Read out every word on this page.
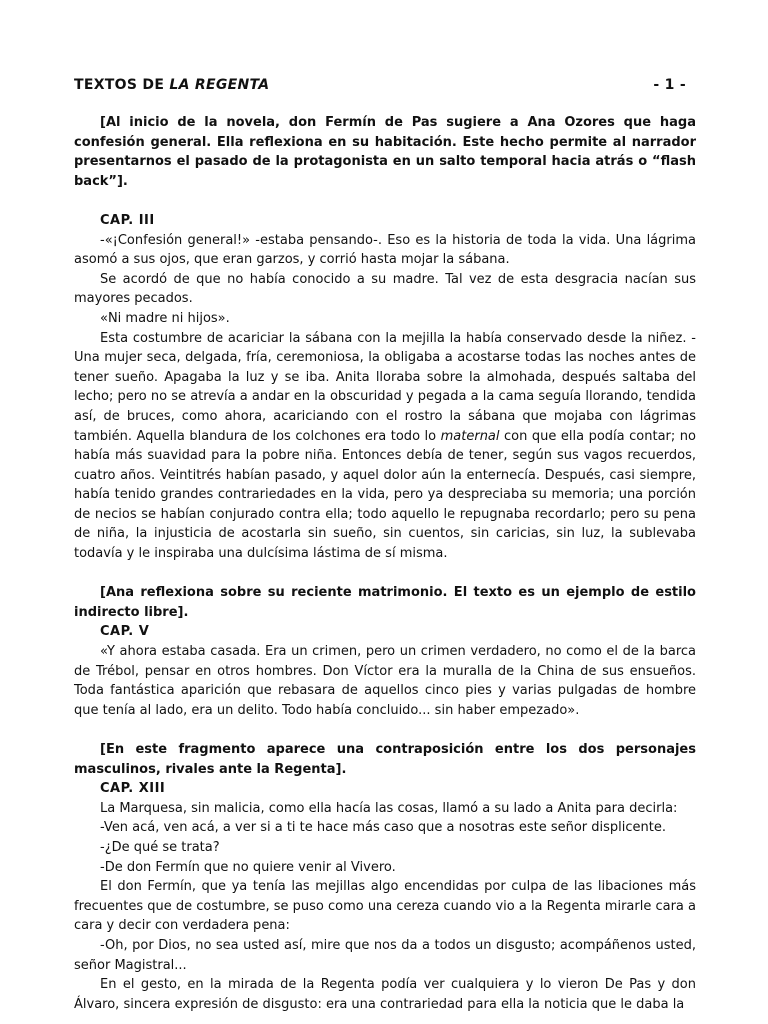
TEXTOS DE LA REGENTA	- 1 -

[Al inicio de la novela, don Fermín de Pas sugiere a Ana Ozores que haga confesión general. Ella reflexiona en su habitación. Este hecho permite al narrador presentarnos el pasado de la protagonista en un salto temporal hacia atrás o “flash back”].

CAP. III

-«¡Confesión general!» -estaba pensando-. Eso es la historia de toda la vida. Una lágrima asomó a sus ojos, que eran garzos, y corrió hasta mojar la sábana.

Se acordó de que no había conocido a su madre. Tal vez de esta desgracia nacían sus mayores pecados.

«Ni madre ni hijos».

Esta costumbre de acariciar la sábana con la mejilla la había conservado desde la niñez. -Una mujer seca, delgada, fría, ceremoniosa, la obligaba a acostarse todas las noches antes de tener sueño. Apagaba la luz y se iba. Anita lloraba sobre la almohada, después saltaba del lecho; pero no se atrevía a andar en la obscuridad y pegada a la cama seguía llorando, tendida así, de bruces, como ahora, acariciando con el rostro la sábana que mojaba con lágrimas también. Aquella blandura de los colchones era todo lo maternal con que ella podía contar; no había más suavidad para la pobre niña. Entonces debía de tener, según sus vagos recuerdos, cuatro años. Veintitrés habían pasado, y aquel dolor aún la enternecía. Después, casi siempre, había tenido grandes contrariedades en la vida, pero ya despreciaba su memoria; una porción de necios se habían conjurado contra ella; todo aquello le repugnaba recordarlo; pero su pena de niña, la injusticia de acostarla sin sueño, sin cuentos, sin caricias, sin luz, la sublevaba todavía y le inspiraba una dulcísima lástima de sí misma.

[Ana reflexiona sobre su reciente matrimonio. El texto es un ejemplo de estilo indirecto libre].

CAP. V

«Y ahora estaba casada. Era un crimen, pero un crimen verdadero, no como el de la barca de Trébol, pensar en otros hombres. Don Víctor era la muralla de la China de sus ensueños. Toda fantástica aparición que rebasara de aquellos cinco pies y varias pulgadas de hombre que tenía al lado, era un delito. Todo había concluido... sin haber empezado».

[En este fragmento aparece una contraposición entre los dos personajes masculinos, rivales ante la Regenta].

CAP. XIII

La Marquesa, sin malicia, como ella hacía las cosas, llamó a su lado a Anita para decirla:

-Ven acá, ven acá, a ver si a ti te hace más caso que a nosotras este señor displicente.

-¿De qué se trata?

-De don Fermín que no quiere venir al Vivero.

El don Fermín, que ya tenía las mejillas algo encendidas por culpa de las libaciones más frecuentes que de costumbre, se puso como una cereza cuando vio a la Regenta mirarle cara a cara y decir con verdadera pena:

-Oh, por Dios, no sea usted así, mire que nos da a todos un disgusto; acompáñenos usted, señor Magistral...

En el gesto, en la mirada de la Regenta podía ver cualquiera y lo vieron De Pas y don Álvaro, sincera expresión de disgusto: era una contrariedad para ella la noticia que le daba la
